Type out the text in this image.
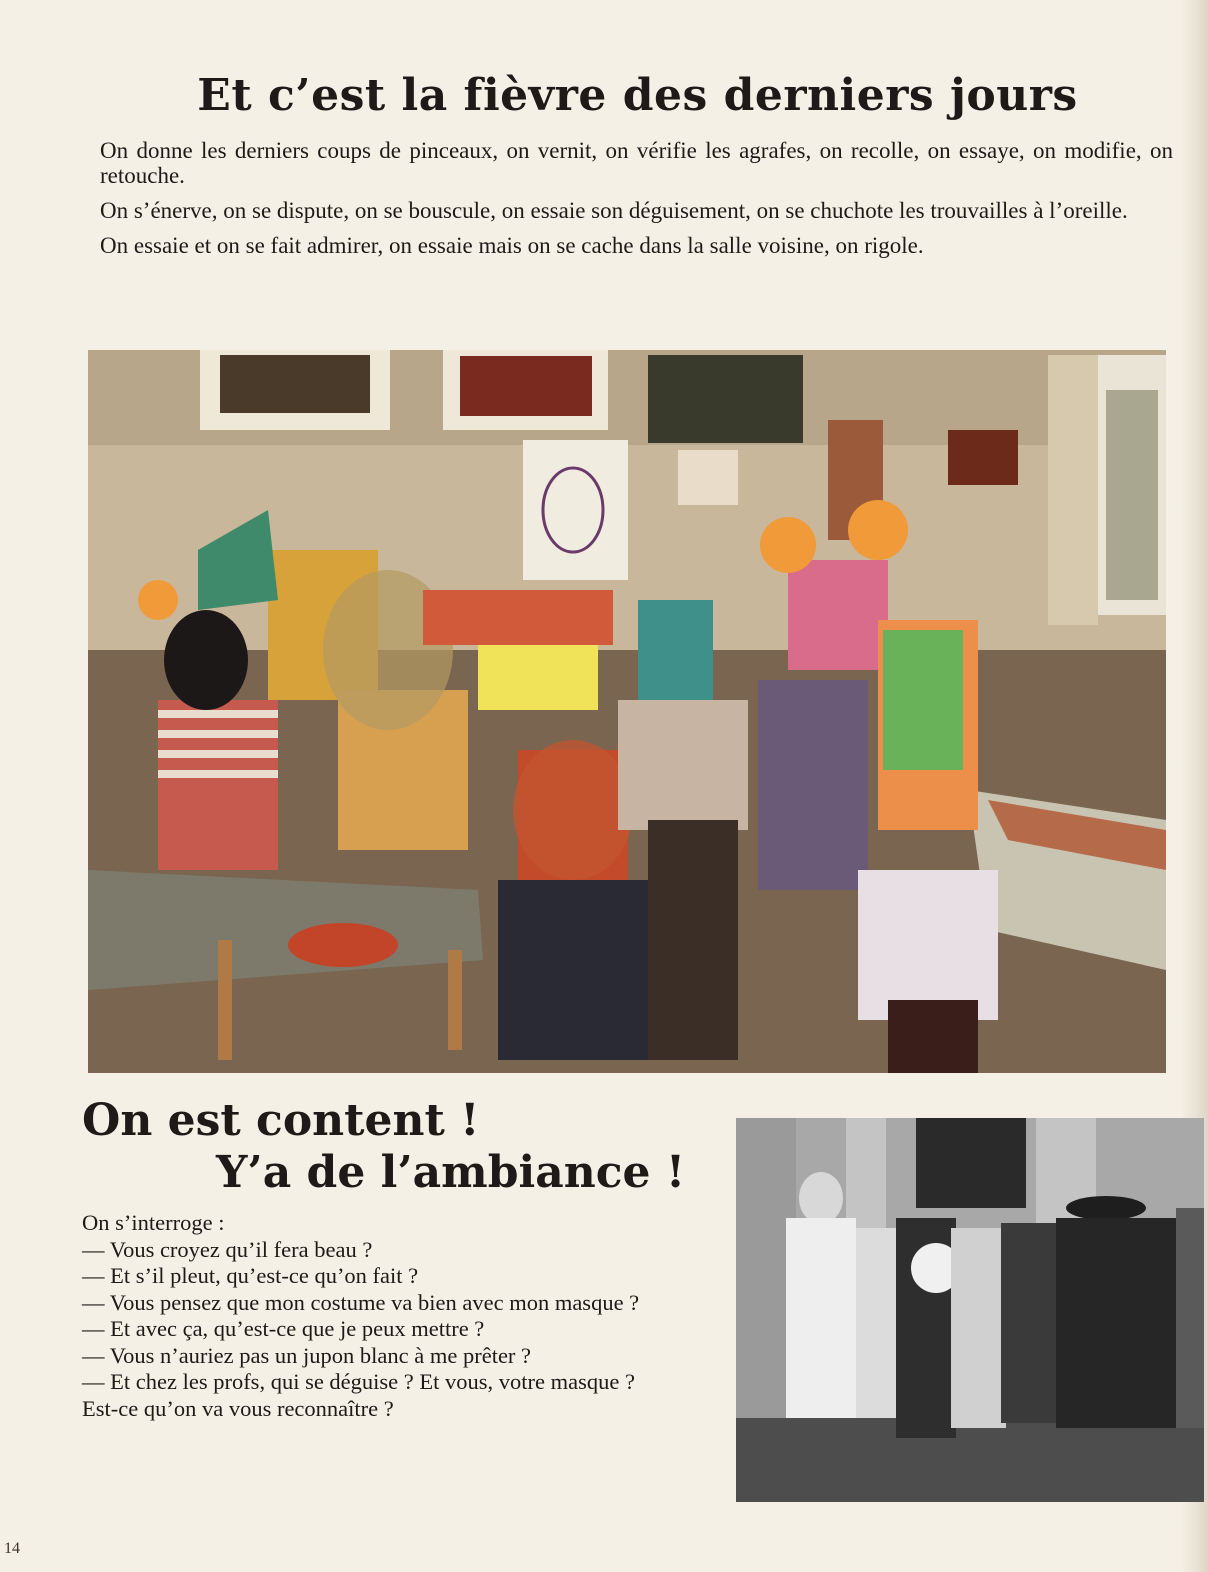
Et c’est la fièvre des derniers jours

On donne les derniers coups de pinceaux, on vernit, on vérifie les agrafes, on recolle, on essaye, on modifie, on retouche.

On s’énerve, on se dispute, on se bouscule, on essaie son déguisement, on se chuchote les trouvailles à l’oreille.

On essaie et on se fait admirer, on essaie mais on se cache dans la salle voisine, on rigole.

On est content !
Y’a de l’ambiance !
On s’interroge :
— Vous croyez qu’il fera beau ?
— Et s’il pleut, qu’est-ce qu’on fait ?
— Vous pensez que mon costume va bien avec mon masque ?
— Et avec ça, qu’est-ce que je peux mettre ?
— Vous n’auriez pas un jupon blanc à me prêter ?
— Et chez les profs, qui se déguise ? Et vous, votre masque ? Est-ce qu’on va vous reconnaître ?
14
